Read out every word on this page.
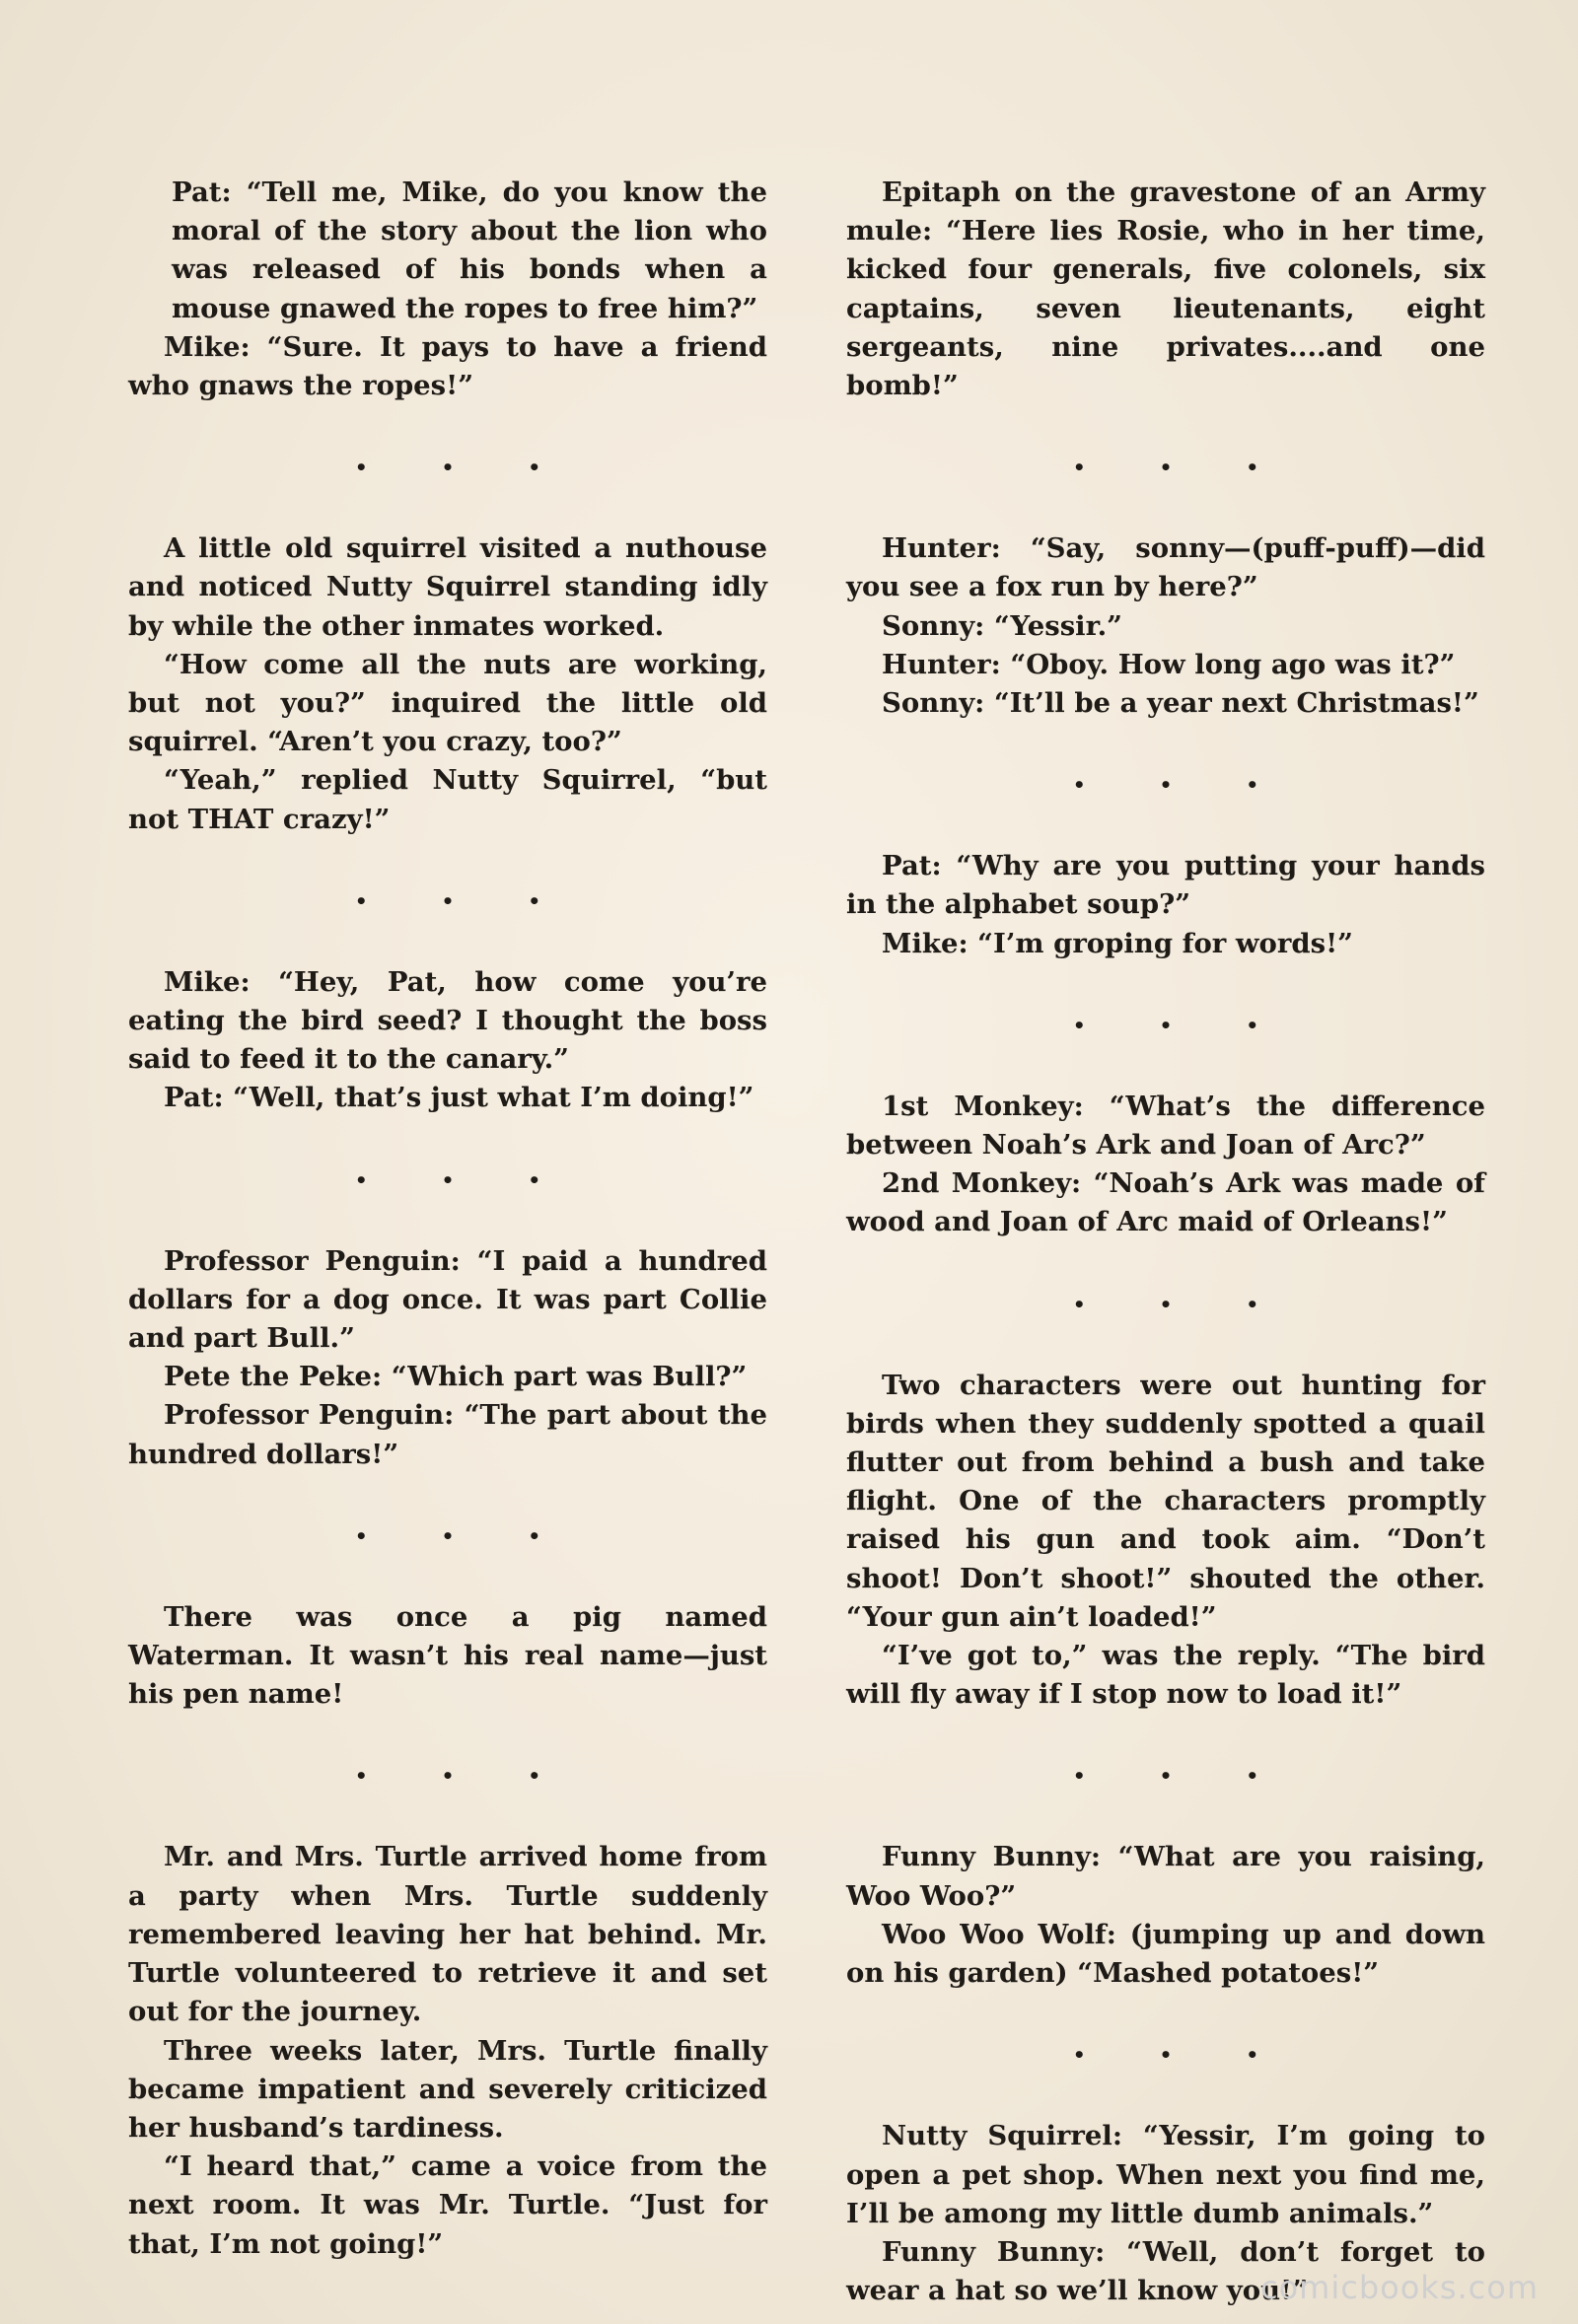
Pat: “Tell me, Mike, do you know the moral of the story about the lion who was released of his bonds when a mouse gnawed the ropes to free him?”

Mike: “Sure. It pays to have a friend who gnaws the ropes!”

• • •

A little old squirrel visited a nuthouse and noticed Nutty Squirrel standing idly by while the other inmates worked.

“How come all the nuts are working, but not you?” inquired the little old squirrel. “Aren’t you crazy, too?”

“Yeah,” replied Nutty Squirrel, “but not THAT crazy!”

• • •

Mike: “Hey, Pat, how come you’re eating the bird seed? I thought the boss said to feed it to the canary.”

Pat: “Well, that’s just what I’m doing!”

• • •

Professor Penguin: “I paid a hundred dollars for a dog once. It was part Collie and part Bull.”

Pete the Peke: “Which part was Bull?”

Professor Penguin: “The part about the hundred dollars!”

• • •

There was once a pig named Waterman. It wasn’t his real name—just his pen name!

• • •

Mr. and Mrs. Turtle arrived home from a party when Mrs. Turtle suddenly remembered leaving her hat behind. Mr. Turtle volunteered to retrieve it and set out for the journey.

Three weeks later, Mrs. Turtle finally became impatient and severely criticized her husband’s tardiness.

“I heard that,” came a voice from the next room. It was Mr. Turtle. “Just for that, I’m not going!”

Epitaph on the gravestone of an Army mule: “Here lies Rosie, who in her time, kicked four generals, five colonels, six captains, seven lieutenants, eight sergeants, nine privates....and one bomb!”

• • •

Hunter: “Say, sonny—(puff-puff)—did you see a fox run by here?”

Sonny: “Yessir.”

Hunter: “Oboy. How long ago was it?”

Sonny: “It’ll be a year next Christmas!”

• • •

Pat: “Why are you putting your hands in the alphabet soup?”

Mike: “I’m groping for words!”

• • •

1st Monkey: “What’s the difference between Noah’s Ark and Joan of Arc?”

2nd Monkey: “Noah’s Ark was made of wood and Joan of Arc maid of Orleans!”

• • •

Two characters were out hunting for birds when they suddenly spotted a quail flutter out from behind a bush and take flight. One of the characters promptly raised his gun and took aim. “Don’t shoot! Don’t shoot!” shouted the other. “Your gun ain’t loaded!”

“I’ve got to,” was the reply. “The bird will fly away if I stop now to load it!”

• • •

Funny Bunny: “What are you raising, Woo Woo?”

Woo Woo Wolf: (jumping up and down on his garden) “Mashed potatoes!”

• • •

Nutty Squirrel: “Yessir, I’m going to open a pet shop. When next you find me, I’ll be among my little dumb animals.”

Funny Bunny: “Well, don’t forget to wear a hat so we’ll know you!”

comicbooks.com
